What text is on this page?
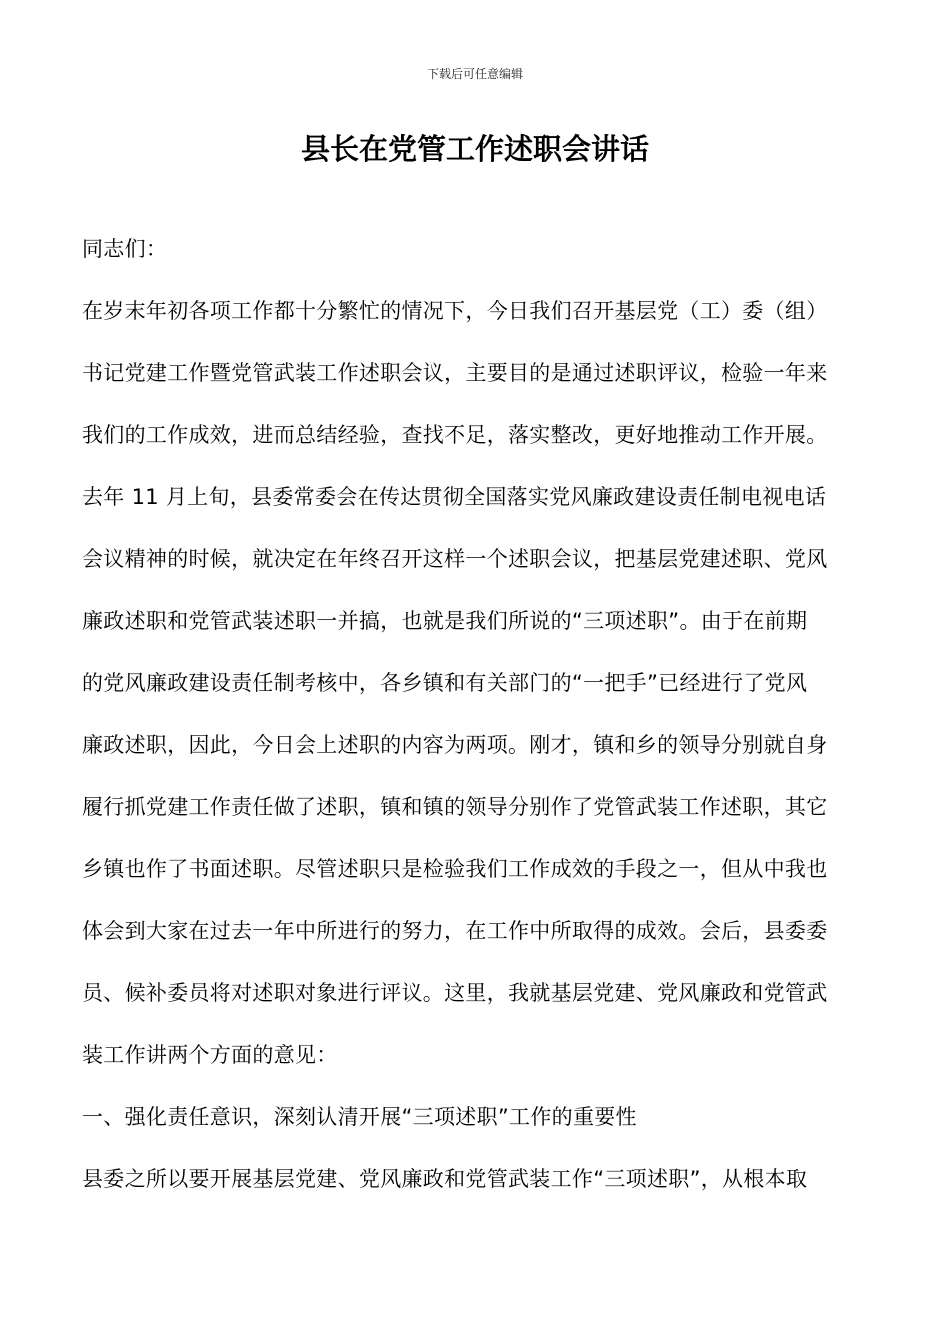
下载后可任意编辑
县长在党管工作述职会讲话
同志们：
在岁末年初各项工作都十分繁忙的情况下，今日我们召开基层党（工）委（组）
书记党建工作暨党管武装工作述职会议，主要目的是通过述职评议，检验一年来
我们的工作成效，进而总结经验，查找不足，落实整改，更好地推动工作开展。
去年 11 月上旬，县委常委会在传达贯彻全国落实党风廉政建设责任制电视电话
会议精神的时候，就决定在年终召开这样一个述职会议，把基层党建述职、党风
廉政述职和党管武装述职一并搞，也就是我们所说的“三项述职”。由于在前期
的党风廉政建设责任制考核中，各乡镇和有关部门的“一把手”已经进行了党风
廉政述职，因此，今日会上述职的内容为两项。刚才，镇和乡的领导分别就自身
履行抓党建工作责任做了述职，镇和镇的领导分别作了党管武装工作述职，其它
乡镇也作了书面述职。尽管述职只是检验我们工作成效的手段之一，但从中我也
体会到大家在过去一年中所进行的努力，在工作中所取得的成效。会后，县委委
员、候补委员将对述职对象进行评议。这里，我就基层党建、党风廉政和党管武
装工作讲两个方面的意见：
一、强化责任意识，深刻认清开展“三项述职”工作的重要性
县委之所以要开展基层党建、党风廉政和党管武装工作“三项述职”，从根本取
